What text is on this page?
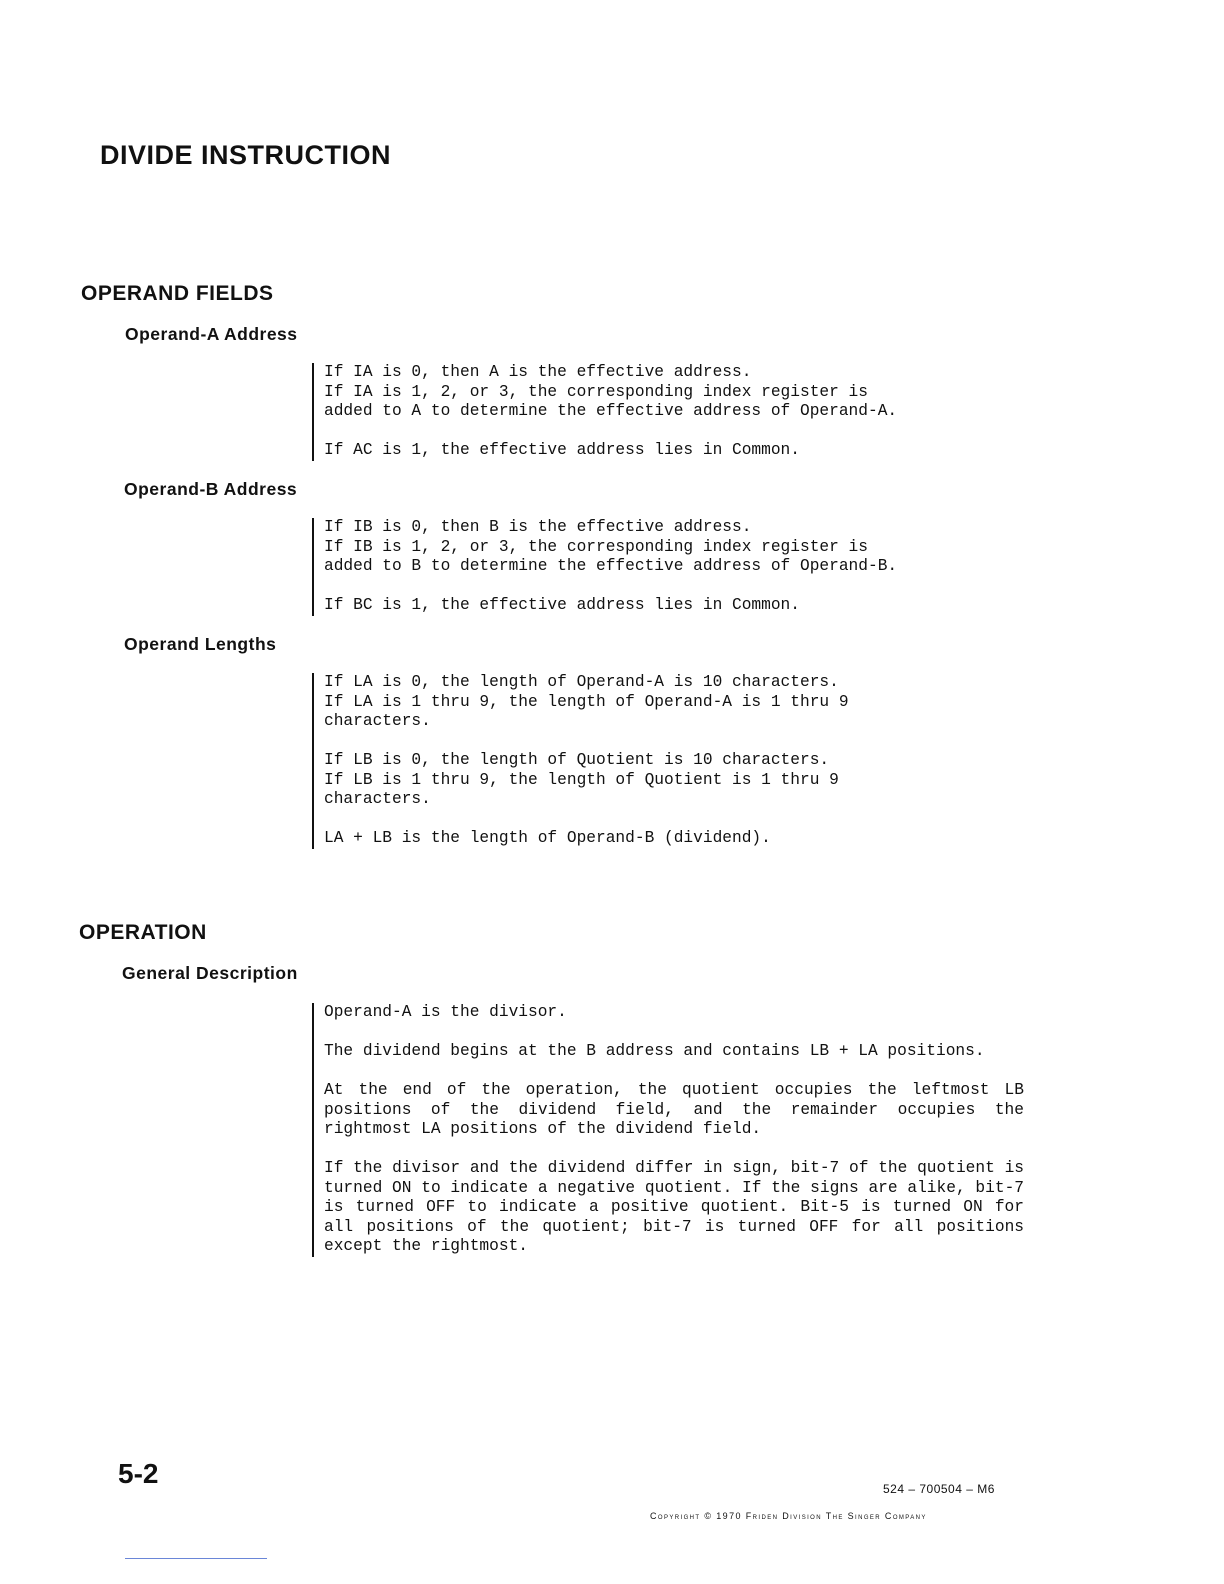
DIVIDE INSTRUCTION
OPERAND FIELDS
Operand-A Address

If IA is 0, then A is the effective address.
If IA is 1, 2, or 3, the corresponding index register is
added to A to determine the effective address of Operand-A.

If AC is 1, the effective address lies in Common.

Operand-B Address

If IB is 0, then B is the effective address.
If IB is 1, 2, or 3, the corresponding index register is
added to B to determine the effective address of Operand-B.

If BC is 1, the effective address lies in Common.

Operand Lengths

If LA is 0, the length of Operand-A is 10 characters.
If LA is 1 thru 9, the length of Operand-A is 1 thru 9
characters.

If LB is 0, the length of Quotient is 10 characters.
If LB is 1 thru 9, the length of Quotient is 1 thru 9
characters.

LA + LB is the length of Operand-B (dividend).

OPERATION
General Description

Operand-A is the divisor.

The dividend begins at the B address and contains LB + LA positions.

At the end of the operation, the quotient occupies the leftmost LB positions of the dividend field, and the remainder occupies the rightmost LA positions of the dividend field.

If the divisor and the dividend differ in sign, bit-7 of the quotient is turned ON to indicate a negative quotient. If the signs are alike, bit-7 is turned OFF to indicate a positive quotient. Bit-5 is turned ON for all positions of the quotient; bit-7 is turned OFF for all positions except the rightmost.

5-2	524 – 700504 – M6
Copyright © 1970 Friden Division The Singer Company
